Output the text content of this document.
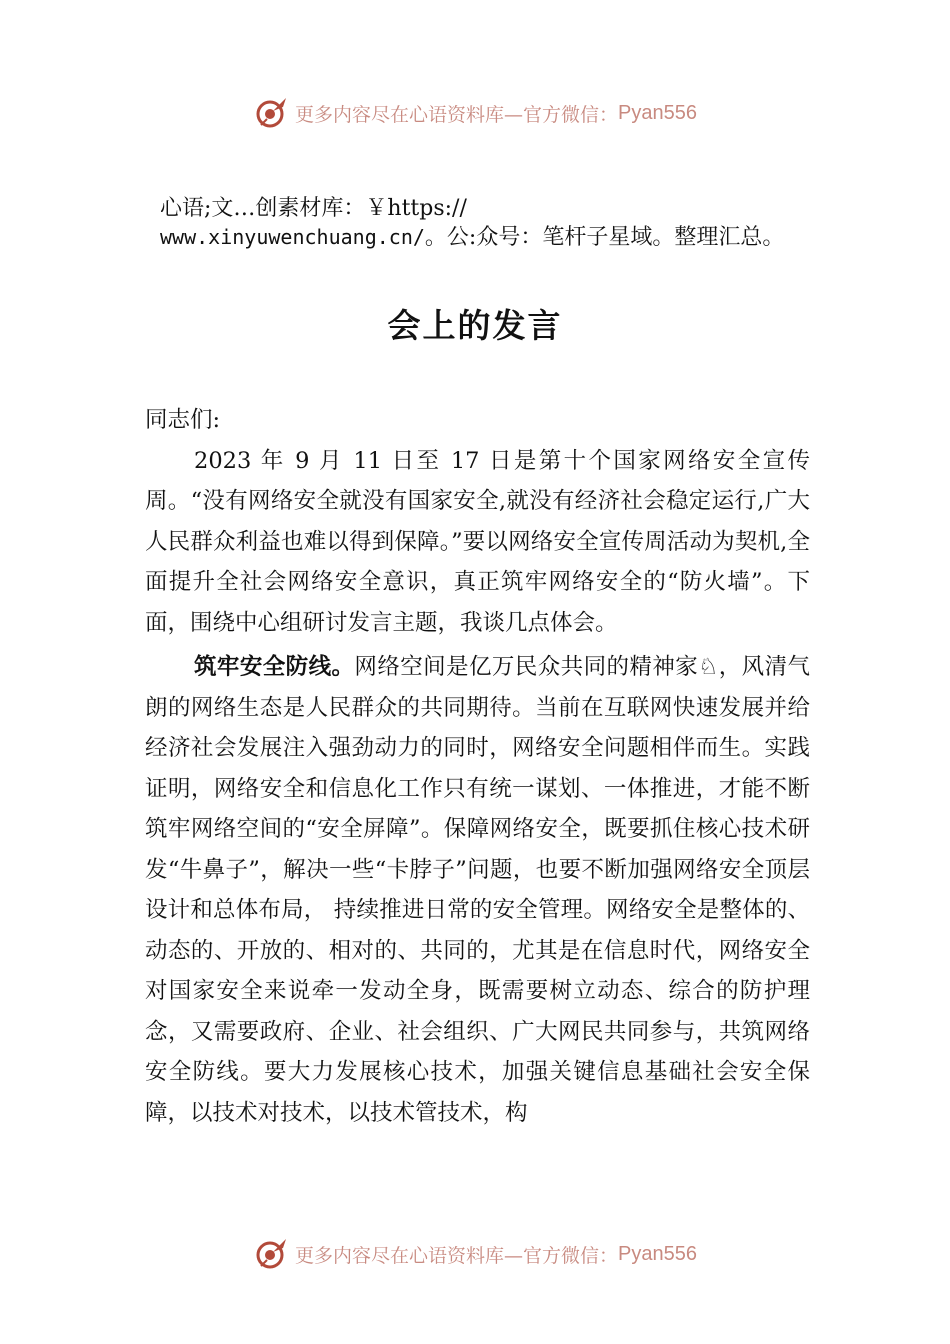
更多内容尽在心语资料库—官方微信： Pyan556
心语;文…创素材库：￥https://
www.xinyuwenchuang.cn/。公:众号：笔杆子星域。整理汇总。
会上的发言

同志们:

2023 年 9 月 11 日至 17 日是第十个国家网络安全宣传周。“没有网络安全就没有国家安全,就没有经济社会稳定运行,广大人民群众利益也难以得到保障。”要以网络安全宣传周活动为契机,全面提升全社会网络安全意识，真正筑牢网络安全的“防火墙”。下面，围绕中心组研讨发言主题，我谈几点体会。

筑牢安全防线。网络空间是亿万民众共同的精神家♘，风清气朗的网络生态是人民群众的共同期待。当前在互联网快速发展并给经济社会发展注入强劲动力的同时，网络安全问题相伴而生。实践证明，网络安全和信息化工作只有统一谋划、一体推进，才能不断筑牢网络空间的“安全屏障”。保障网络安全，既要抓住核心技术研发“牛鼻子”，解决一些“卡脖子”问题，也要不断加强网络安全顶层设计和总体布局， 持续推进日常的安全管理。网络安全是整体的、动态的、开放的、相对的、共同的，尤其是在信息时代，网络安全对国家安全来说牵一发动全身，既需要树立动态、综合的防护理念，又需要政府、企业、社会组织、广大网民共同参与，共筑网络安全防线。要大力发展核心技术，加强关键信息基础社会安全保障，以技术对技术，以技术管技术，构

更多内容尽在心语资料库—官方微信： Pyan556
